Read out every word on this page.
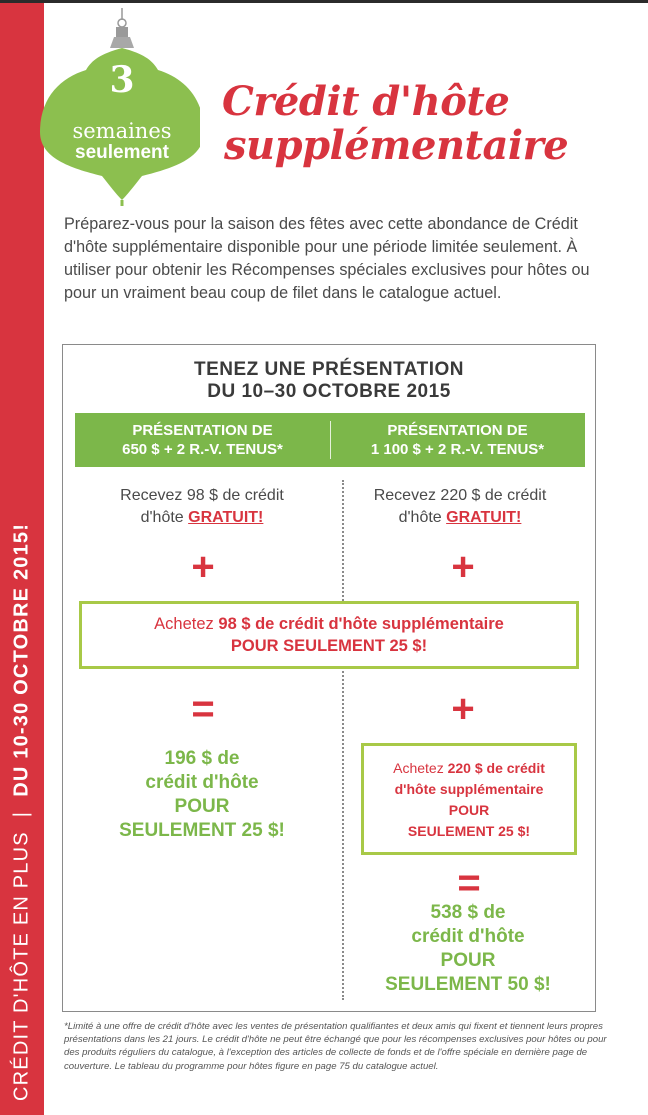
CRÉDIT D'HÔTE EN PLUS|DU 10-30 OCTOBRE 2015!
3
semaines
seulement
Crédit d'hôte
supplémentaire

Préparez-vous pour la saison des fêtes avec cette abondance de Crédit d'hôte supplémentaire disponible pour une période limitée seulement. À utiliser pour obtenir les Récompenses spéciales exclusives pour hôtes ou pour un vraiment beau coup de filet dans le catalogue actuel.

TENEZ UNE PRÉSENTATION
DU 10–30 OCTOBRE 2015
PRÉSENTATION DE
650 $ + 2 R.-V. TENUS*
PRÉSENTATION DE
1 100 $ + 2 R.-V. TENUS*
Recevez 98 $ de crédit
d'hôte GRATUIT!
Recevez 220 $ de crédit
d'hôte GRATUIT!
+	+
Achetez 98 $ de crédit d'hôte supplémentaire
POUR SEULEMENT 25 $!
=	+
196 $ de
crédit d'hôte
POUR
SEULEMENT 25 $!
Achetez 220 $ de crédit
d'hôte supplémentaire
POUR
SEULEMENT 25 $!
=
538 $ de
crédit d'hôte
POUR
SEULEMENT 50 $!

*Limité à une offre de crédit d'hôte avec les ventes de présentation qualifiantes et deux amis qui fixent et tiennent leurs propres présentations dans les 21 jours. Le crédit d'hôte ne peut être échangé que pour les récompenses exclusives pour hôtes ou pour des produits réguliers du catalogue, à l'exception des articles de collecte de fonds et de l'offre spéciale en dernière page de couverture. Le tableau du programme pour hôtes figure en page 75 du catalogue actuel.
